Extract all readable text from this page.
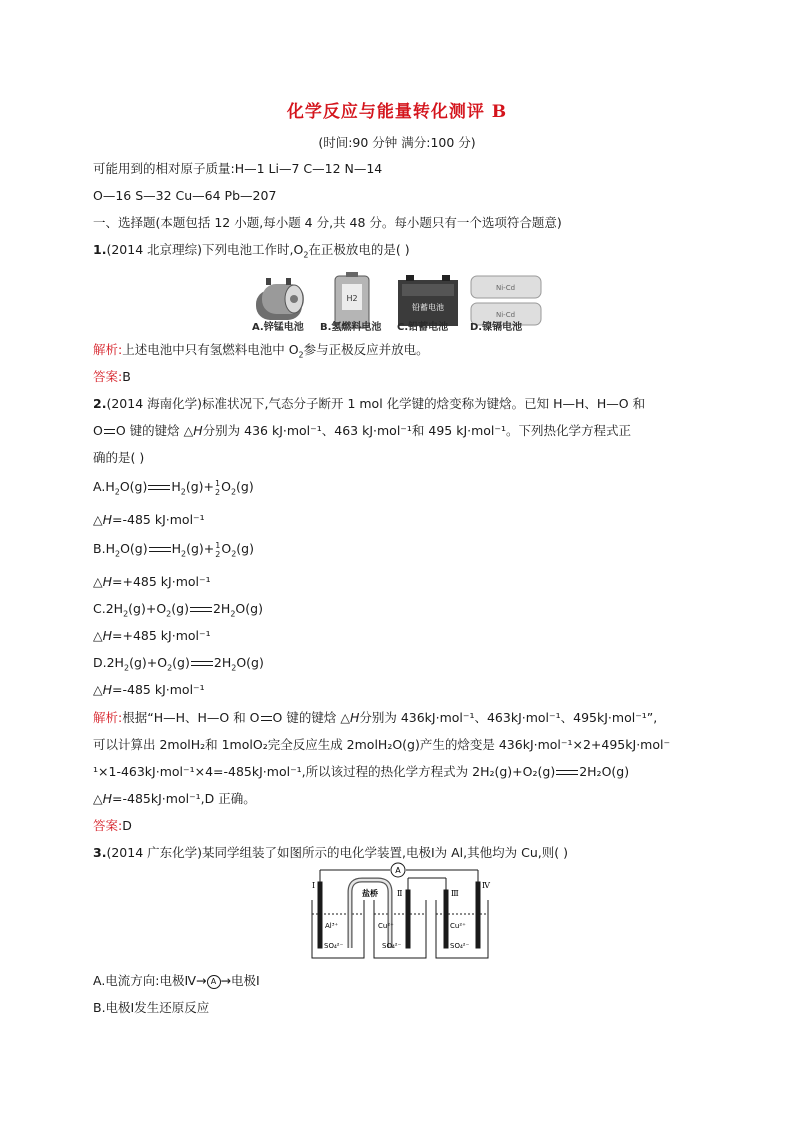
化学反应与能量转化测评 B
(时间:90 分钟 满分:100 分)
可能用到的相对原子质量:H—1 Li—7 C—12 N—14
O—16 S—32 Cu—64 Pb—207
一、选择题(本题包括 12 小题,每小题 4 分,共 48 分。每小题只有一个选项符合题意)
1.(2014 北京理综)下列电池工作时$,O_2$在正极放电的是( )
H2
铅蓄电池
Ni-Cd
Ni-Cd
A.锌锰电池 B.氢燃料电池 C.铅蓄电池 D.镍镉电池
解析:上述电池中只有氢燃料电池中 $O_2$参与正极反应并放电。
答案:B
2.(2014 海南化学)标准状况下,气态分子断开 1 mol 化学键的焓变称为键焓。已知 H—H、H—O 和
O O 键的键焓 △H分别为 436 kJ·mol⁻¹、463 kJ·mol⁻¹和 495 kJ·mol⁻¹。下列热化学方程式正
确的是( )
$A.H_2O(g)$ $H_2(g)+ 1$
2 $O_2(g)$
△H=-485 kJ·mol⁻¹
$B.H_2O(g)$ $H_2(g)+ 1$
2 $O_2(g)$
△H=+485 kJ·mol⁻¹
$C.2H_2(g)+O_2(g)$ $2H_2O(g)$
△H=+485 kJ·mol⁻¹
$D.2H_2(g)+O_2(g)$ $2H_2O(g)$
△H=-485 kJ·mol⁻¹
解析:根据“H—H、H—O 和 O O 键的键焓 △H分别为 436kJ·mol⁻¹、463kJ·mol⁻¹、495kJ·mol⁻¹”,
可以计算出 2molH₂和 1molO₂完全反应生成 2molH₂O(g)产生的焓变是 436kJ·mol⁻¹×2+495kJ·mol⁻
¹×1-463kJ·mol⁻¹×4=-485kJ·mol⁻¹,所以该过程的热化学方程式为 2H₂(g)+O₂(g) 2H₂O(g)
△H=-485kJ·mol⁻¹,D 正确。
答案:D
3.(2014 广东化学)某同学组装了如图所示的电化学装置,电极Ⅰ为 Al,其他均为 Cu,则( )
A
盐桥
Ⅰ
Ⅱ	Ⅲ
Ⅳ
Al³⁺	Cu²⁺	Cu²⁺
SO₄²⁻	SO₄²⁻	SO₄²⁻
A.电流方向:电极Ⅳ→ A →电极Ⅰ
B.电极Ⅰ发生还原反应
